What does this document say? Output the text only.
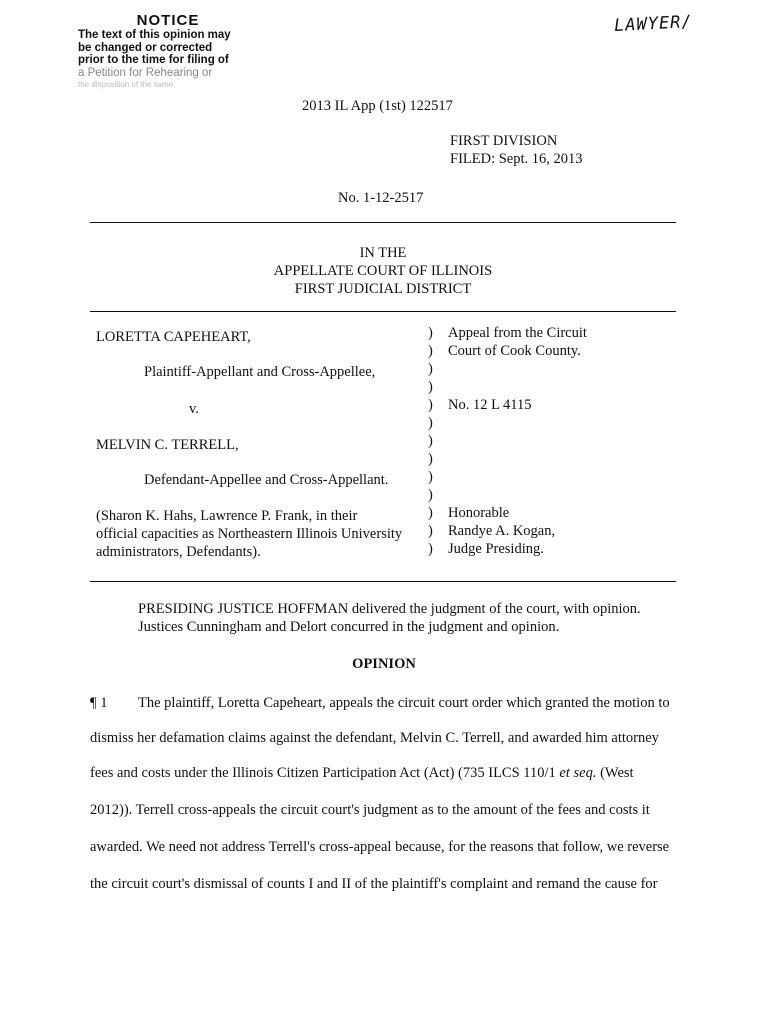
NOTICE
The text of this opinion may
be changed or corrected
prior to the time for filing of
a Petition for Rehearing or
the disposition of the same.
LAWYER/
2013 IL App (1st) 122517
FIRST DIVISION
FILED: Sept. 16, 2013
No. 1-12-2517
IN THE
APPELLATE COURT OF ILLINOIS
FIRST JUDICIAL DISTRICT
LORETTA CAPEHEART,
Plaintiff-Appellant and Cross-Appellee,
v.
MELVIN C. TERRELL,
Defendant-Appellee and Cross-Appellant.
(Sharon K. Hahs, Lawrence P. Frank, in their
official capacities as Northeastern Illinois University
administrators, Defendants).
)
)
)
)
)
)
)
)
)
)
)
)
)
Appeal from the Circuit
Court of Cook County.
No. 12 L 4115
Honorable
Randye A. Kogan,
Judge Presiding.
PRESIDING JUSTICE HOFFMAN delivered the judgment of the court, with opinion.
Justices Cunningham and Delort concurred in the judgment and opinion.
OPINION
¶ 1 The plaintiff, Loretta Capeheart, appeals the circuit court order which granted the motion to
dismiss her defamation claims against the defendant, Melvin C. Terrell, and awarded him attorney
fees and costs under the Illinois Citizen Participation Act (Act) (735 ILCS 110/1 et seq. (West
2012)). Terrell cross-appeals the circuit court's judgment as to the amount of the fees and costs it
awarded. We need not address Terrell's cross-appeal because, for the reasons that follow, we reverse
the circuit court's dismissal of counts I and II of the plaintiff's complaint and remand the cause for
